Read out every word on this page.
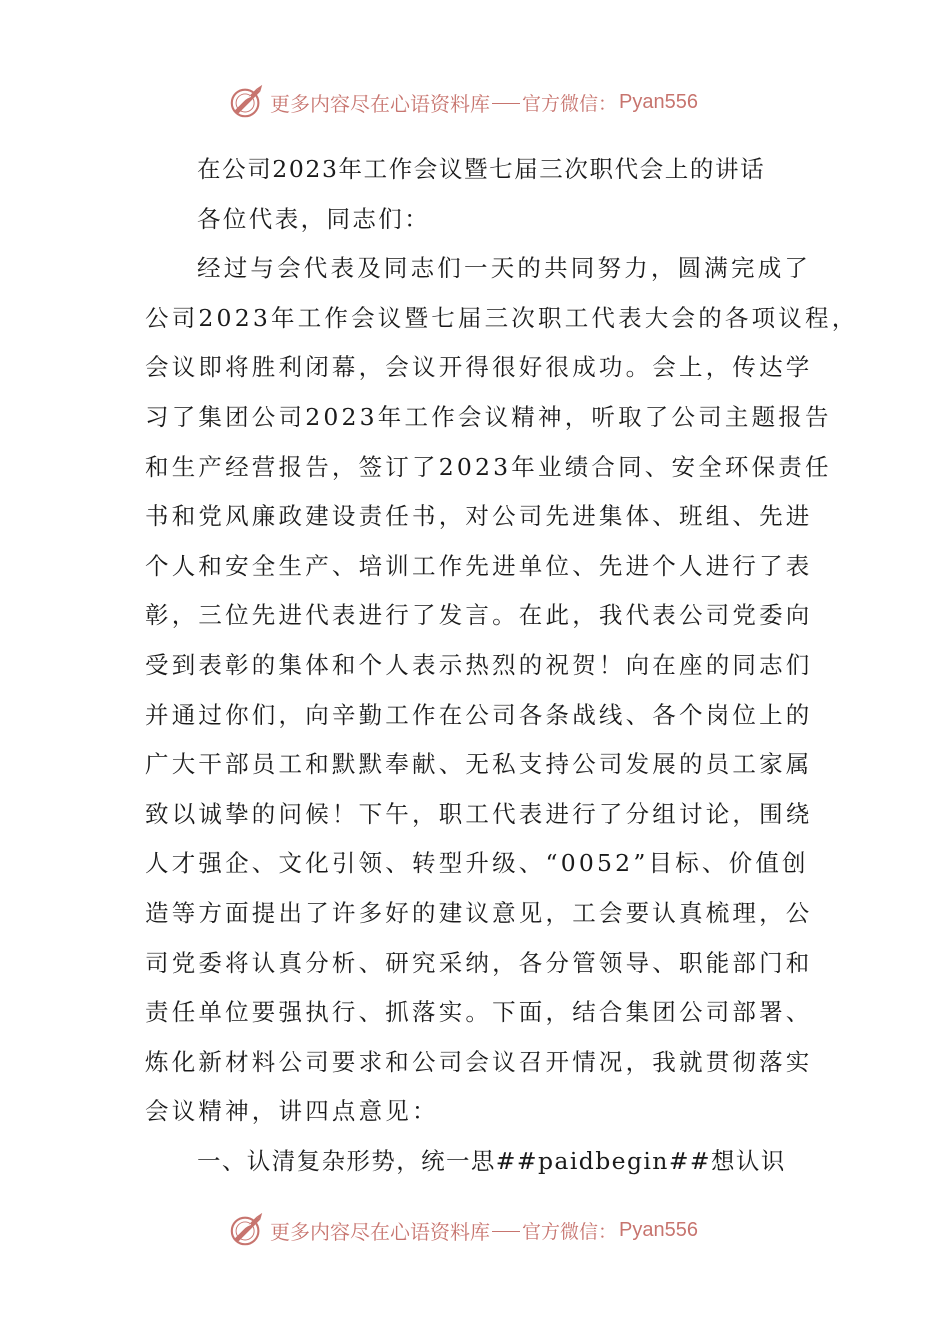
更多内容尽在心语资料库 官方微信： Pyan556
在公司2023年工作会议暨七届三次职代会上的讲话
各位代表，同志们：
经过与会代表及同志们一天的共同努力，圆满完成了
公司2023年工作会议暨七届三次职工代表大会的各项议程，
会议即将胜利闭幕，会议开得很好很成功。会上，传达学
习了集团公司2023年工作会议精神，听取了公司主题报告
和生产经营报告，签订了2023年业绩合同、安全环保责任
书和党风廉政建设责任书，对公司先进集体、班组、先进
个人和安全生产、培训工作先进单位、先进个人进行了表
彰，三位先进代表进行了发言。在此，我代表公司党委向
受到表彰的集体和个人表示热烈的祝贺！向在座的同志们
并通过你们，向辛勤工作在公司各条战线、各个岗位上的
广大干部员工和默默奉献、无私支持公司发展的员工家属
致以诚挚的问候！下午，职工代表进行了分组讨论，围绕
人才强企、文化引领、转型升级、“0052”目标、价值创
造等方面提出了许多好的建议意见，工会要认真梳理，公
司党委将认真分析、研究采纳，各分管领导、职能部门和
责任单位要强执行、抓落实。下面，结合集团公司部署、
炼化新材料公司要求和公司会议召开情况，我就贯彻落实
会议精神，讲四点意见：
一、认清复杂形势，统一思##paidbegin##想认识
更多内容尽在心语资料库 官方微信： Pyan556
